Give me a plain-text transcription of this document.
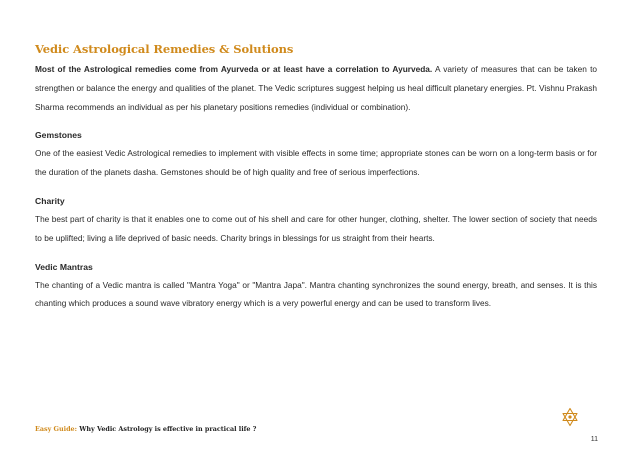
Vedic Astrological Remedies & Solutions

Most of the Astrological remedies come from Ayurveda or at least have a correlation to Ayurveda. A variety of measures that can be taken to strengthen or balance the energy and qualities of the planet. The Vedic scriptures suggest helping us heal difficult planetary energies. Pt. Vishnu Prakash Sharma recommends an individual as per his planetary positions remedies (individual or combination).

Gemstones

One of the easiest Vedic Astrological remedies to implement with visible effects in some time; appropriate stones can be worn on a long-term basis or for the duration of the planets dasha. Gemstones should be of high quality and free of serious imperfections.

Charity

The best part of charity is that it enables one to come out of his shell and care for other hunger, clothing, shelter. The lower section of society that needs to be uplifted; living a life deprived of basic needs. Charity brings in blessings for us straight from their hearts.

Vedic Mantras

The chanting of a Vedic mantra is called "Mantra Yoga" or "Mantra Japa". Mantra chanting synchronizes the sound energy, breath, and senses. It is this chanting which produces a sound wave vibratory energy which is a very powerful energy and can be used to transform lives.

Easy Guide: Why Vedic Astrology is effective in practical life ?
11
